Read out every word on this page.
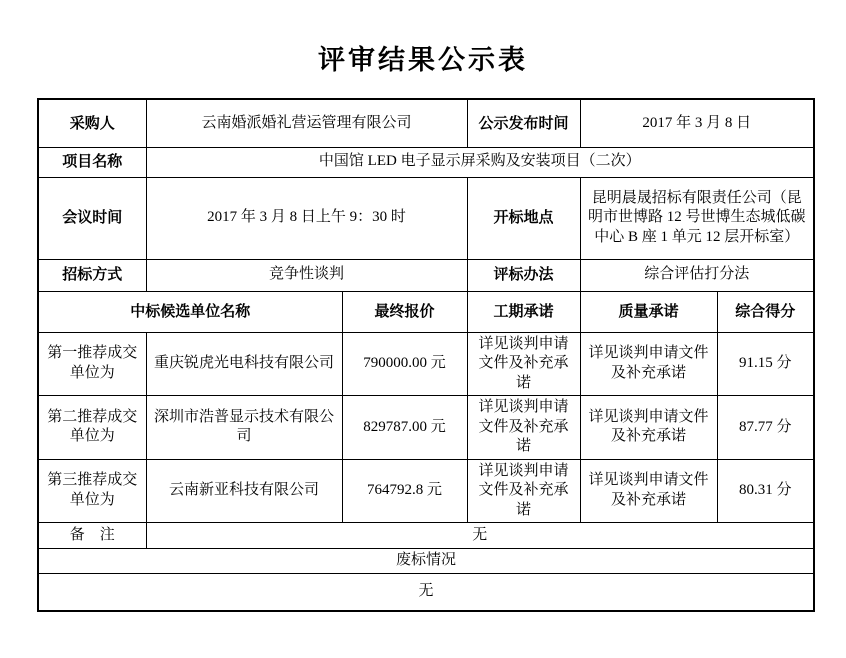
评审结果公示表
采购人	云南婚派婚礼营运管理有限公司		公示发布时间	2017 年 3 月 8 日	
项目名称	中国馆 LED 电子显示屏采购及安装项目（二次）				
会议时间	2017 年 3 月 8 日上午 9：30 时		开标地点	昆明晨晟招标有限责任公司（昆明市世博路 12 号世博生态城低碳中心 B 座 1 单元 12 层开标室）	
招标方式	竞争性谈判		评标办法	综合评估打分法	
中标候选单位名称		最终报价	工期承诺	质量承诺	综合得分
第一推荐成交单位为	重庆锐虎光电科技有限公司	790000.00 元	详见谈判申请文件及补充承诺	详见谈判申请文件及补充承诺	91.15 分
第二推荐成交单位为	深圳市浩普显示技术有限公司	829787.00 元	详见谈判申请文件及补充承诺	详见谈判申请文件及补充承诺	87.77 分
第三推荐成交单位为	云南新亚科技有限公司	764792.8 元	详见谈判申请文件及补充承诺	详见谈判申请文件及补充承诺	80.31 分
备　注	无				
废标情况					
无					
